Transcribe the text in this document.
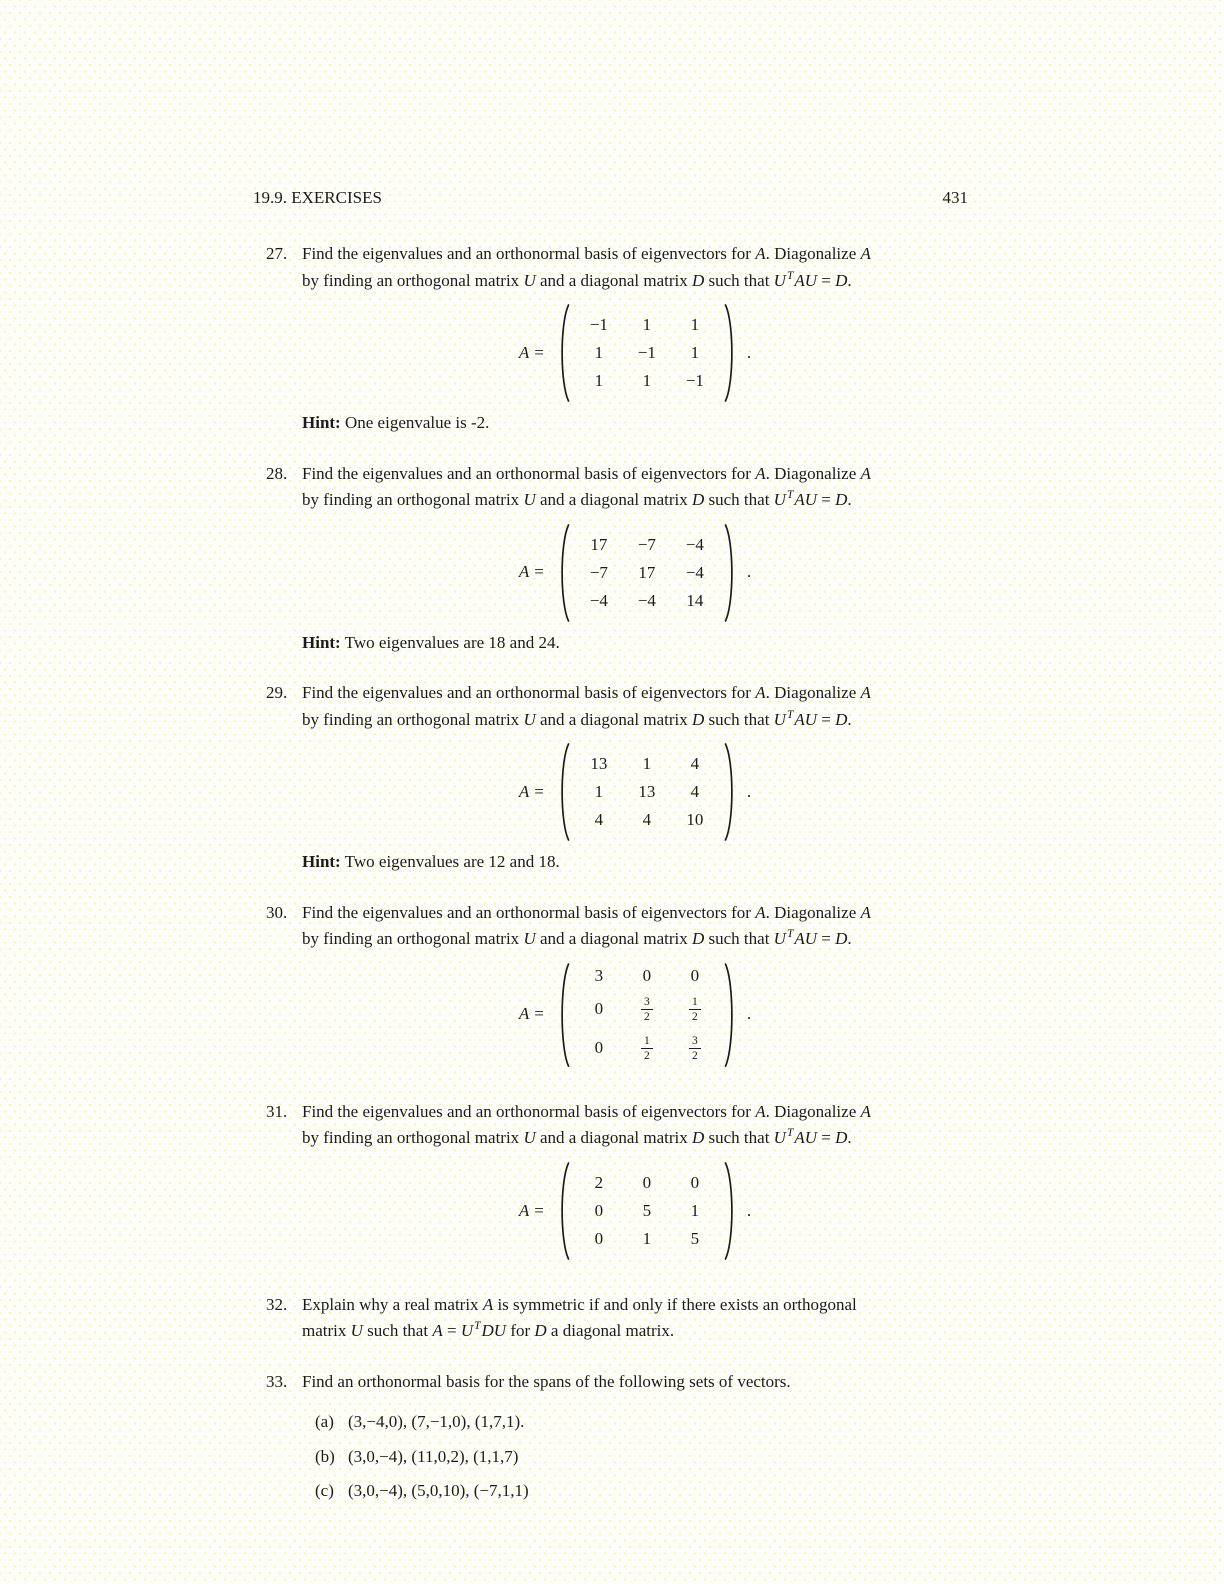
19.9. EXERCISES	431
27. Find the eigenvalues and an orthonormal basis of eigenvectors for A. Diagonalize A

by finding an orthogonal matrix U and a diagonal matrix D such that $U^TAU = D$.

A =
−1	1	1
1	−1	1
1	1	−1
.

Hint: One eigenvalue is -2.

28. Find the eigenvalues and an orthonormal basis of eigenvectors for A. Diagonalize A

by finding an orthogonal matrix U and a diagonal matrix D such that $U^TAU = D$.

A =
17	−7	−4
−7	17	−4
−4	−4	14
.

Hint: Two eigenvalues are 18 and 24.

29. Find the eigenvalues and an orthonormal basis of eigenvectors for A. Diagonalize A

by finding an orthogonal matrix U and a diagonal matrix D such that $U^TAU = D$.

A =
13	1	4
1	13	4
4	4	10
.

Hint: Two eigenvalues are 12 and 18.

30. Find the eigenvalues and an orthonormal basis of eigenvectors for A. Diagonalize A

by finding an orthogonal matrix U and a diagonal matrix D such that $U^TAU = D$.

A =
3	0	0
0	$\frac{3}{2}$	$\frac{1}{2}$

0	$\frac{1}{2}$	$\frac{3}{2}$
.
31. Find the eigenvalues and an orthonormal basis of eigenvectors for A. Diagonalize A

by finding an orthogonal matrix U and a diagonal matrix D such that $U^TAU = D$.

A =
2	0	0
0	5	1
0	1	5
.
32. Explain why a real matrix A is symmetric if and only if there exists an orthogonal

matrix U such that $A = U^TDU$ for D a diagonal matrix.

33. Find an orthonormal basis for the spans of the following sets of vectors.

(a) (3,−4,0), (7,−1,0), (1,7,1).
(b) (3,0,−4), (11,0,2), (1,1,7)
(c) (3,0,−4), (5,0,10), (−7,1,1)
